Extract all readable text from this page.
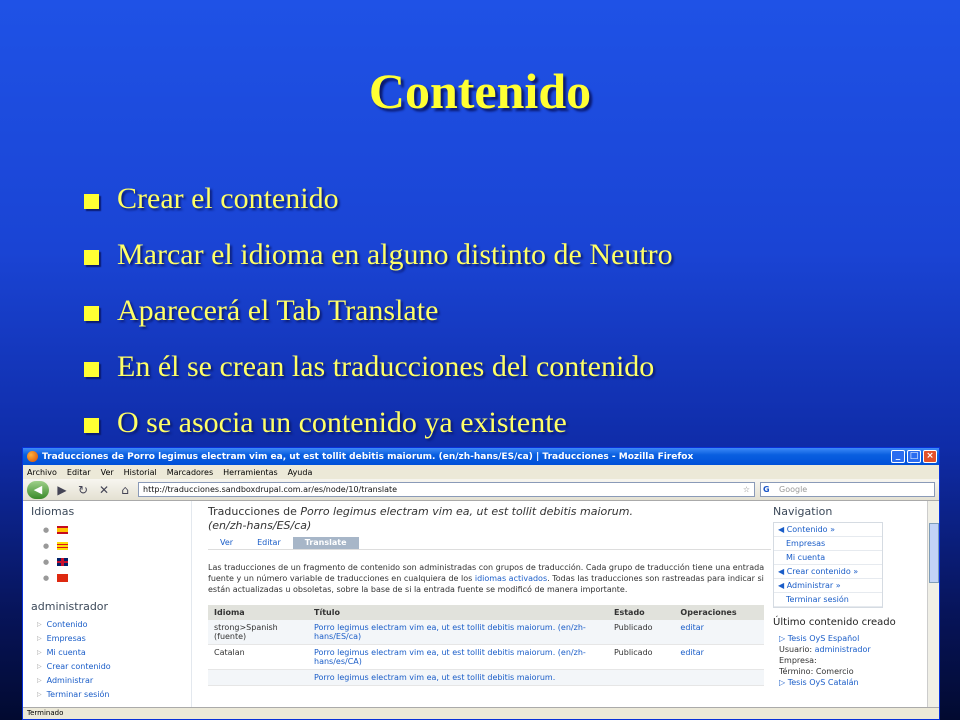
Contenido
Crear el contenido
Marcar el idioma en alguno distinto de Neutro
Aparecerá el Tab Translate
En él se crean las traducciones del contenido
O se asocia un contenido ya existente
Traducciones de Porro legimus electram vim ea, ut est tollit debitis maiorum. (en/zh-hans/ES/ca) | Traducciones - Mozilla Firefox	_	□ ×
Archivo Editar Ver Historial Marcadores Herramientas Ayuda
◀	▶ ↻ ✕	⌂	http://traducciones.sandboxdrupal.com.ar/es/node/10/translate	☆	G Google
Idiomas
●
●
●
●
administrador
▷ Contenido
▷ Empresas
▷ Mi cuenta
▷ Crear contenido
▷ Administrar
▷ Terminar sesión
Traducciones de Porro legimus electram vim ea, ut est tollit debitis maiorum.
(en/zh-hans/ES/ca)
Ver	Editar	Translate

Las traducciones de un fragmento de contenido son administradas con grupos de traducción. Cada grupo de traducción tiene una entrada fuente y un número variable de traducciones en cualquiera de los idiomas activados. Todas las traducciones son rastreadas para indicar si están actualizadas u obsoletas, sobre la base de si la entrada fuente se modificó de manera importante.

Idioma	Título	Estado	Operaciones
strong>Spanish (fuente)	Porro legimus electram vim ea, ut est tollit debitis maiorum. (en/zh-hans/ES/ca)	Publicado	editar
Catalan	Porro legimus electram vim ea, ut est tollit debitis maiorum. (en/zh-hans/es/CA)	Publicado	editar
	Porro legimus electram vim ea, ut est tollit debitis maiorum.		
Navigation
◀ Contenido »
Empresas
Mi cuenta
◀ Crear contenido »
◀ Administrar »
Terminar sesión
Último contenido creado
▷ Tesis OyS Español
Usuario: administrador
Empresa:
Término: Comercio
▷ Tesis OyS Catalán
Terminado
